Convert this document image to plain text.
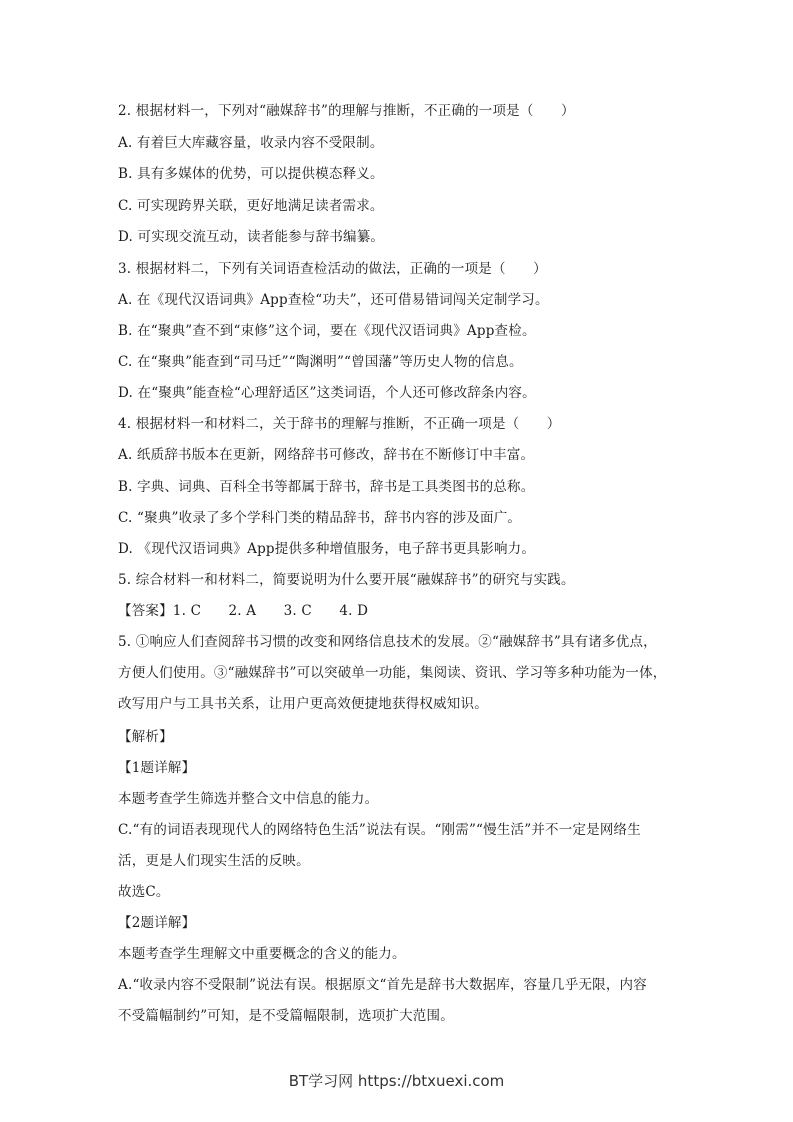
2. 根据材料一，下列对“融媒辞书”的理解与推断，不正确的一项是（　　）
A. 有着巨大库藏容量，收录内容不受限制。
B. 具有多媒体的优势，可以提供模态释义。
C. 可实现跨界关联，更好地满足读者需求。
D. 可实现交流互动，读者能参与辞书编纂。
3. 根据材料二，下列有关词语查检活动的做法，正确的一项是（　　）
A. 在《现代汉语词典》App查检“功夫”，还可借易错词闯关定制学习。
B. 在“聚典”查不到“束修”这个词，要在《现代汉语词典》App查检。
C. 在“聚典”能查到“司马迁”“陶渊明”“曾国藩”等历史人物的信息。
D. 在“聚典”能查检“心理舒适区”这类词语，个人还可修改辞条内容。
4. 根据材料一和材料二，关于辞书的理解与推断，不正确一项是（　　）
A. 纸质辞书版本在更新，网络辞书可修改，辞书在不断修订中丰富。
B. 字典、词典、百科全书等都属于辞书，辞书是工具类图书的总称。
C. “聚典”收录了多个学科门类的精品辞书，辞书内容的涉及面广。
D. 《现代汉语词典》App提供多种增值服务，电子辞书更具影响力。
5. 综合材料一和材料二，简要说明为什么要开展“融媒辞书”的研究与实践。
【答案】1. C　　2. A　　3. C　　4. D
5. ①响应人们查阅辞书习惯的改变和网络信息技术的发展。②“融媒辞书”具有诸多优点，
方便人们使用。③“融媒辞书”可以突破单一功能，集阅读、资讯、学习等多种功能为一体，
改写用户与工具书关系，让用户更高效便捷地获得权威知识。
【解析】
【1题详解】
本题考查学生筛选并整合文中信息的能力。
C.“有的词语表现现代人的网络特色生活”说法有误。“刚需”“慢生活”并不一定是网络生
活，更是人们现实生活的反映。
故选C。
【2题详解】
本题考查学生理解文中重要概念的含义的能力。
A.“收录内容不受限制”说法有误。根据原文“首先是辞书大数据库，容量几乎无限，内容
不受篇幅制约”可知，是不受篇幅限制，选项扩大范围。
BT学习网 https://btxuexi.com
